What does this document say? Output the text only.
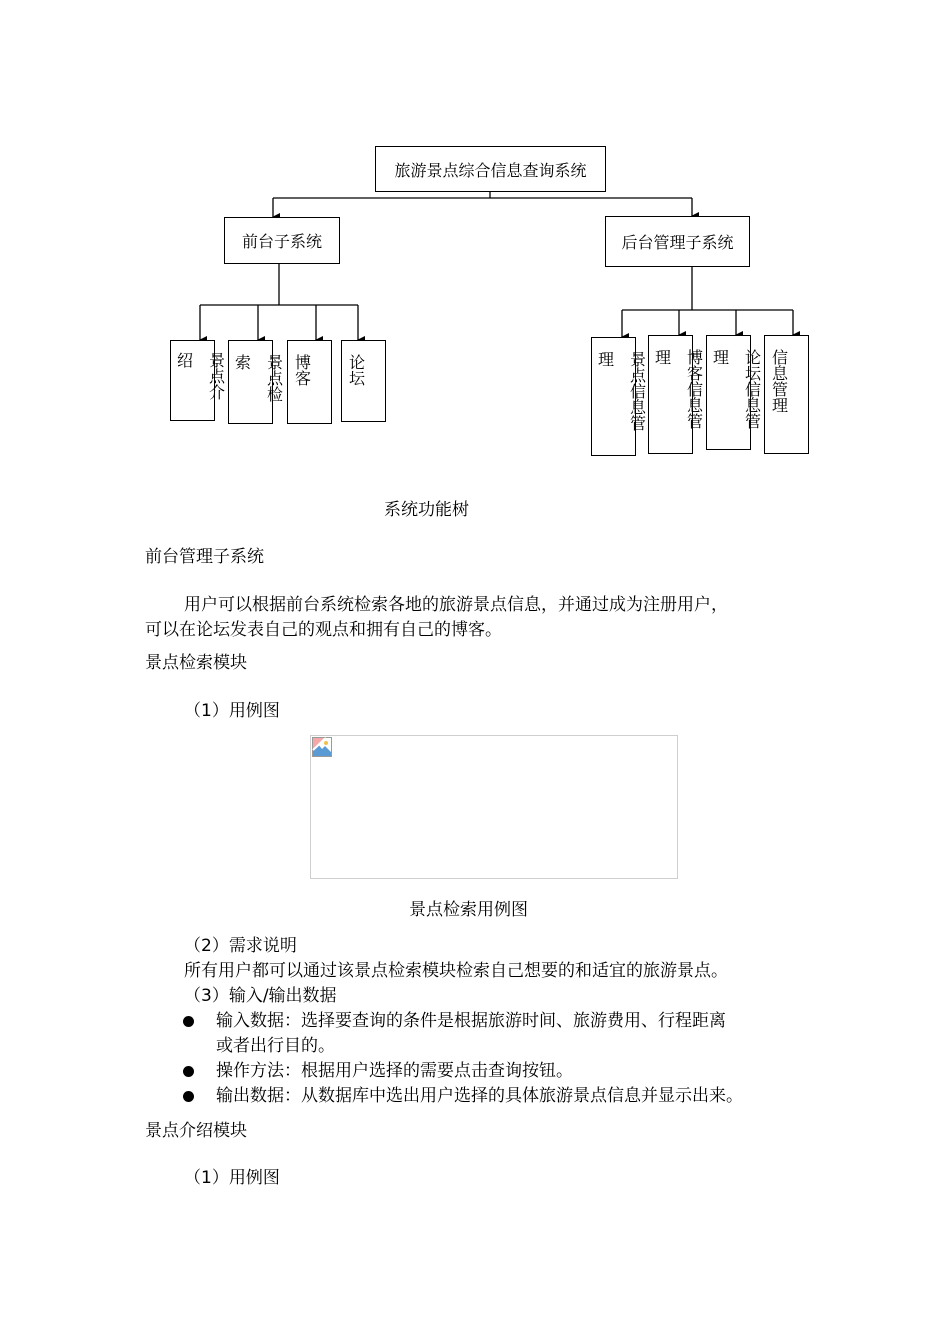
旅游景点综合信息查询系统
前台子系统	后台管理子系统
绍 景点介
索 景点检
博客
论坛
理 景点信息管
理 博客信息管
理 论坛信息管
信息管理
系统功能树
前台管理子系统
用户可以根据前台系统检索各地的旅游景点信息，并通过成为注册用户，
可以在论坛发表自己的观点和拥有自己的博客。
景点检索模块
（1）用例图
景点检索用例图
（2）需求说明
所有用户都可以通过该景点检索模块检索自己想要的和适宜的旅游景点。
（3）输入/输出数据
输入数据：选择要查询的条件是根据旅游时间、旅游费用、行程距离
或者出行目的。
操作方法：根据用户选择的需要点击查询按钮。
输出数据：从数据库中选出用户选择的具体旅游景点信息并显示出来。
景点介绍模块
（1）用例图
